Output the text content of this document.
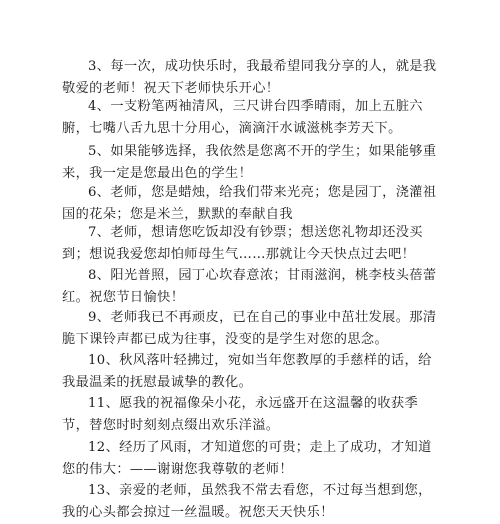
3、每一次，成功快乐时，我最希望同我分享的人，就是我敬爱的老师！祝天下老师快乐开心！

4、一支粉笔两袖清风，三尺讲台四季晴雨，加上五脏六腑，七嘴八舌九思十分用心，滴滴汗水诚滋桃李芳天下。

5、如果能够选择，我依然是您离不开的学生；如果能够重来，我一定是您最出色的学生！

6、老师，您是蜡烛，给我们带来光亮；您是园丁，浇灌祖国的花朵；您是米兰，默默的奉献自我

7、老师，想请您吃饭却没有钞票；想送您礼物却还没买到；想说我爱您却怕师母生气……那就让今天快点过去吧！

8、阳光普照，园丁心坎春意浓；甘雨滋润，桃李枝头蓓蕾红。祝您节日愉快！

9、老师我已不再顽皮，已在自己的事业中茁壮发展。那清脆下课铃声都已成为往事，没变的是学生对您的思念。

10、秋风落叶轻拂过，宛如当年您教厚的手慈样的话，给我最温柔的抚慰最诚挚的教化。

11、愿我的祝福像朵小花，永远盛开在这温馨的收获季节，替您时时刻刻点缀出欢乐洋溢。

12、经历了风雨，才知道您的可贵；走上了成功，才知道您的伟大：——谢谢您我尊敬的老师！

13、亲爱的老师，虽然我不常去看您，不过每当想到您，我的心头都会掠过一丝温暖。祝您天天快乐！
